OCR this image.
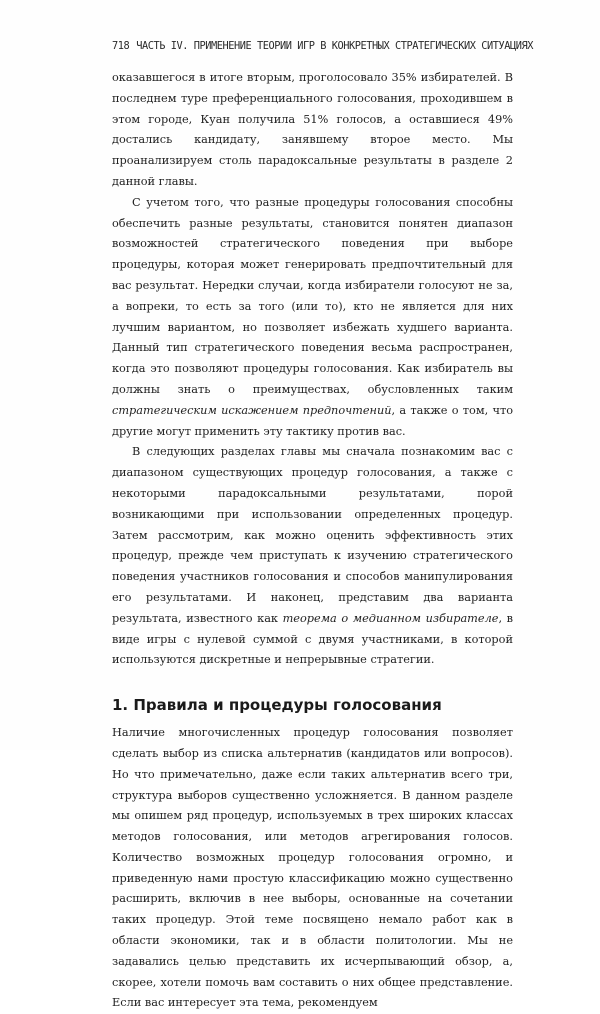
718 ЧАСТЬ IV. ПРИМЕНЕНИЕ ТЕОРИИ ИГР В КОНКРЕТНЫХ СТРАТЕГИЧЕСКИХ СИТУАЦИЯХ

оказавшегося в итоге вторым, проголосовало 35% избирателей. В последнем туре преференциального голосования, проходившем в этом городе, Куан получила 51% голосов, а оставшиеся 49% достались кандидату, занявшему второе место. Мы проанализируем столь парадоксальные результаты в разделе 2 данной главы.

С учетом того, что разные процедуры голосования способны обеспечить разные результаты, становится понятен диапазон возможностей стратегического поведения при выборе процедуры, которая может генерировать предпочтительный для вас результат. Нередки случаи, когда избиратели голосуют не за, а вопреки, то есть за того (или то), кто не является для них лучшим вариантом, но позволяет избежать худшего варианта. Данный тип стратегического поведения весьма распространен, когда это позволяют процедуры голосования. Как избиратель вы должны знать о преимуществах, обусловленных таким стратегическим искажением предпочтений, а также о том, что другие могут применить эту тактику против вас.

В следующих разделах главы мы сначала познакомим вас с диапазоном существующих процедур голосования, а также с некоторыми парадоксальными результатами, порой возникающими при использовании определенных процедур. Затем рассмотрим, как можно оценить эффективность этих процедур, прежде чем приступать к изучению стратегического поведения участников голосования и способов манипулирования его результатами. И наконец, представим два варианта результата, известного как теорема о медианном избирателе, в виде игры с нулевой суммой с двумя участниками, в которой используются дискретные и непрерывные стратегии.

1. Правила и процедуры голосования

Наличие многочисленных процедур голосования позволяет сделать выбор из списка альтернатив (кандидатов или вопросов). Но что примечательно, даже если таких альтернатив всего три, структура выборов существенно усложняется. В данном разделе мы опишем ряд процедур, используемых в трех широких классах методов голосования, или методов агрегирования голосов. Количество возможных процедур голосования огромно, и приведенную нами простую классификацию можно существенно расширить, включив в нее выборы, основанные на сочетании таких процедур. Этой теме посвящено немало работ как в области экономики, так и в области политологии. Мы не задавались целью представить их исчерпывающий обзор, а, скорее, хотели помочь вам составить о них общее представление. Если вас интересует эта тема, рекомендуем
